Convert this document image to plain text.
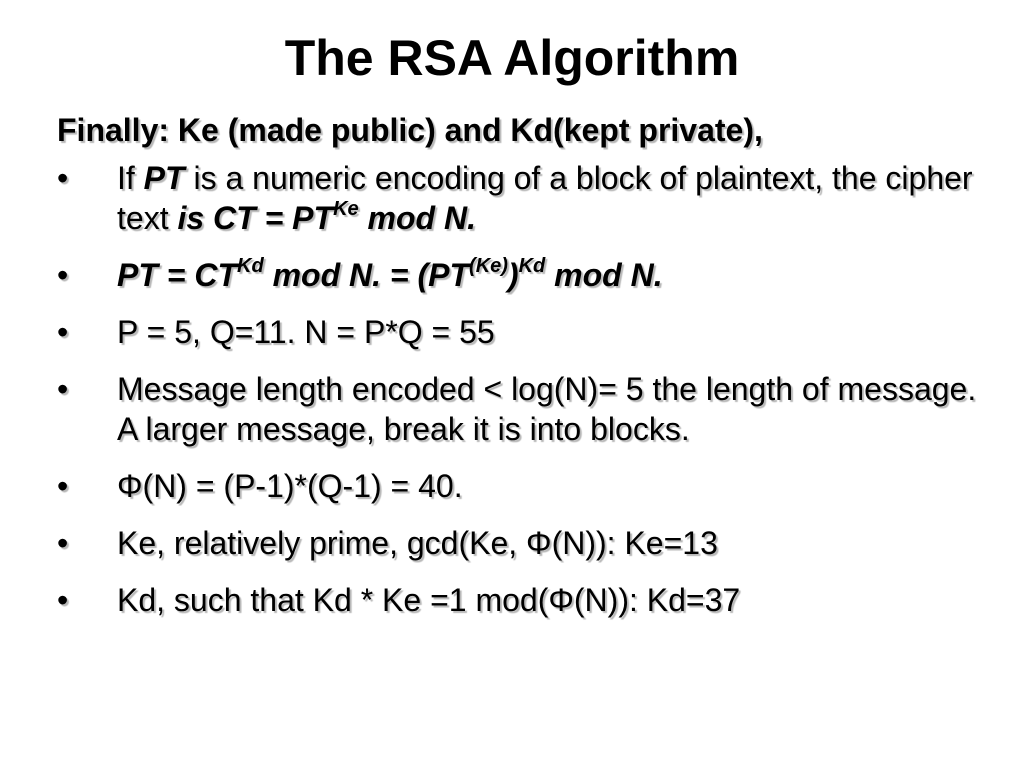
The RSA Algorithm
Finally: Ke (made public) and Kd(kept private),
• If PT is a numeric encoding of a block of plaintext, the cipher text is CT = $PT^{Ke}$ mod N.
• PT = $CT^{Kd}$ mod N. = $(PT^{(Ke)})^{Kd}$ mod N.
• P = 5, Q=11. N = P*Q = 55
• Message length encoded < log(N)= 5 the length of message. A larger message, break it is into blocks.
• Φ(N) = (P-1)*(Q-1) = 40.
• Ke, relatively prime, gcd(Ke, Φ(N)): Ke=13
• Kd, such that Kd * Ke =1 mod(Φ(N)): Kd=37
